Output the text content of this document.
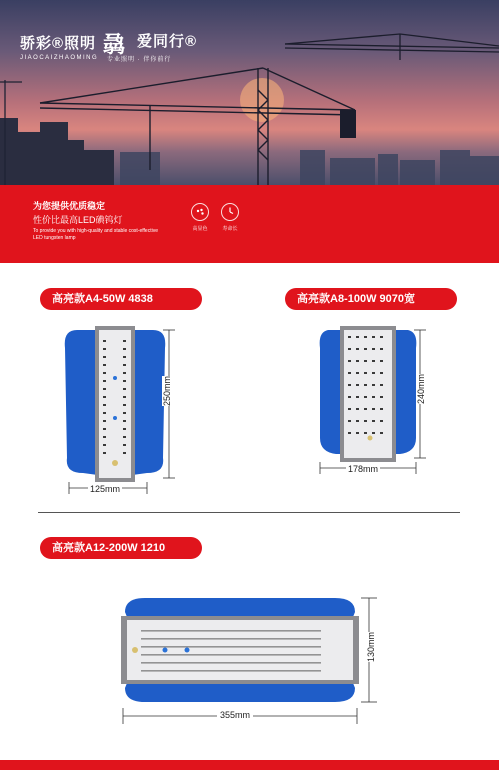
骄彩®照明
JIAOCAIZHAOMING 骉 爱同行®
专业照明 · 伴你前行
为您提供优质稳定
性价比最高LED碘钨灯
To provide you with high-quality and stable cost-effective LED tungsten lamp
高显色	寿命长
高亮款A4-50W 4838	高亮款A8-100W 9070宽
高亮款A12-200W 1210
250mm
125mm
240mm
178mm
130mm
355mm
